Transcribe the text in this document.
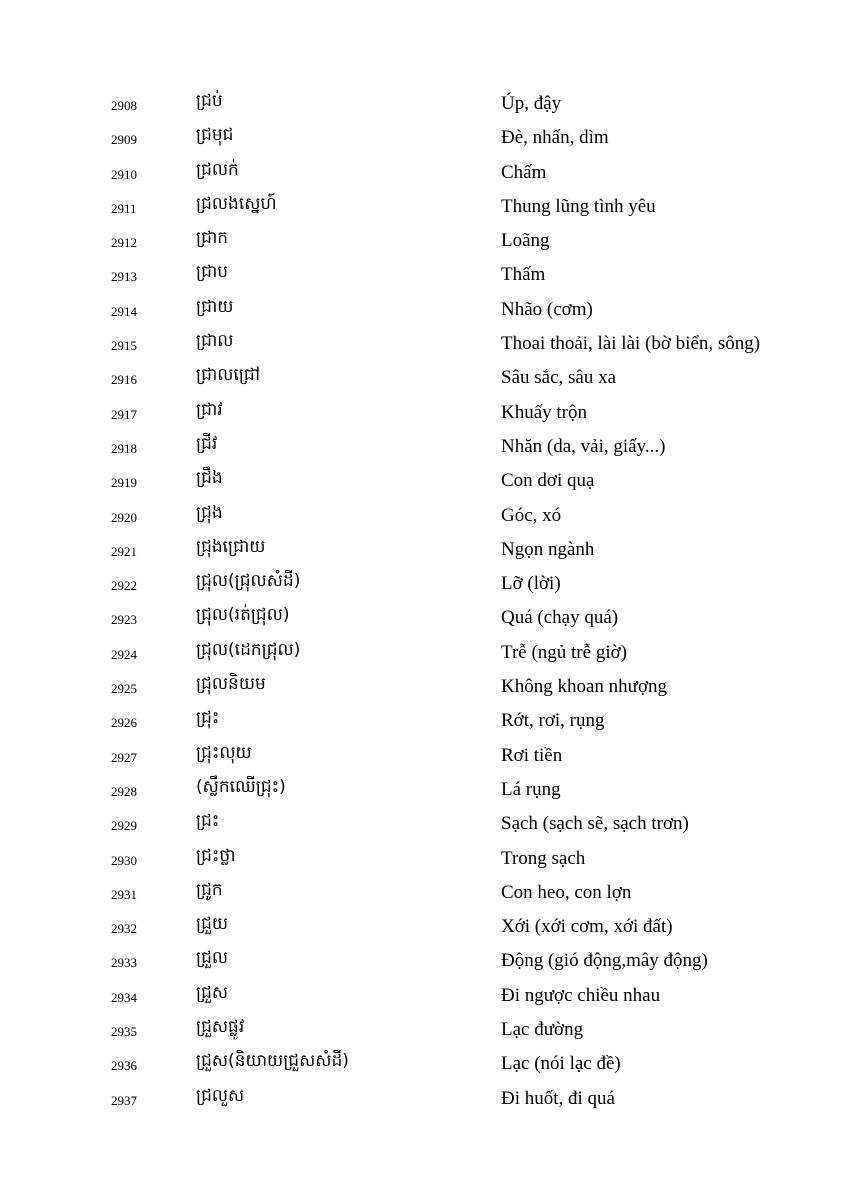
2908	ជ្រប់	Úp, đậy
2909	ជ្រមុជ	Đè, nhấn, dìm
2910	ជ្រលក់	Chấm
2911	ជ្រលងស្នេហ៍	Thung lũng tình yêu
2912	ជ្រាក	Loãng
2913	ជ្រាប	Thấm
2914	ជ្រាយ	Nhão (cơm)
2915	ជ្រាល	Thoai thoải, lài lài (bờ biển, sông)
2916	ជ្រាលជ្រៅ	Sâu sắc, sâu xa
2917	ជ្រាវ	Khuấy trộn
2918	ជ្រីវ	Nhăn (da, vải, giấy...)
2919	ជ្រឹង	Con dơi quạ
2920	ជ្រុង	Góc, xó
2921	ជ្រុងជ្រោយ	Ngọn ngành
2922	ជ្រុល(ជ្រុលសំដី)	Lỡ (lời)
2923	ជ្រុល(រត់ជ្រុល)	Quá (chạy quá)
2924	ជ្រុល(ដេកជ្រុល)	Trễ (ngủ trễ giờ)
2925	ជ្រុលនិយម	Không khoan nhượng
2926	ជ្រុះ	Rớt, rơi, rụng
2927	ជ្រុះលុយ	Rơi tiền
2928	(ស្លឹកឈើជ្រុះ)	Lá rụng
2929	ជ្រះ	Sạch (sạch sẽ, sạch trơn)
2930	ជ្រះថ្លា	Trong sạch
2931	ជ្រូក	Con heo, con lợn
2932	ជ្រួយ	Xới (xới cơm, xới đất)
2933	ជ្រួល	Động (gió động,mây động)
2934	ជ្រួស	Đi ngược chiều nhau
2935	ជ្រួសផ្លូវ	Lạc đường
2936	ជ្រួស(និយាយជ្រួសសំដី)	Lạc (nói lạc đề)
2937	ជ្រលួស	Đi huốt, đi quá
